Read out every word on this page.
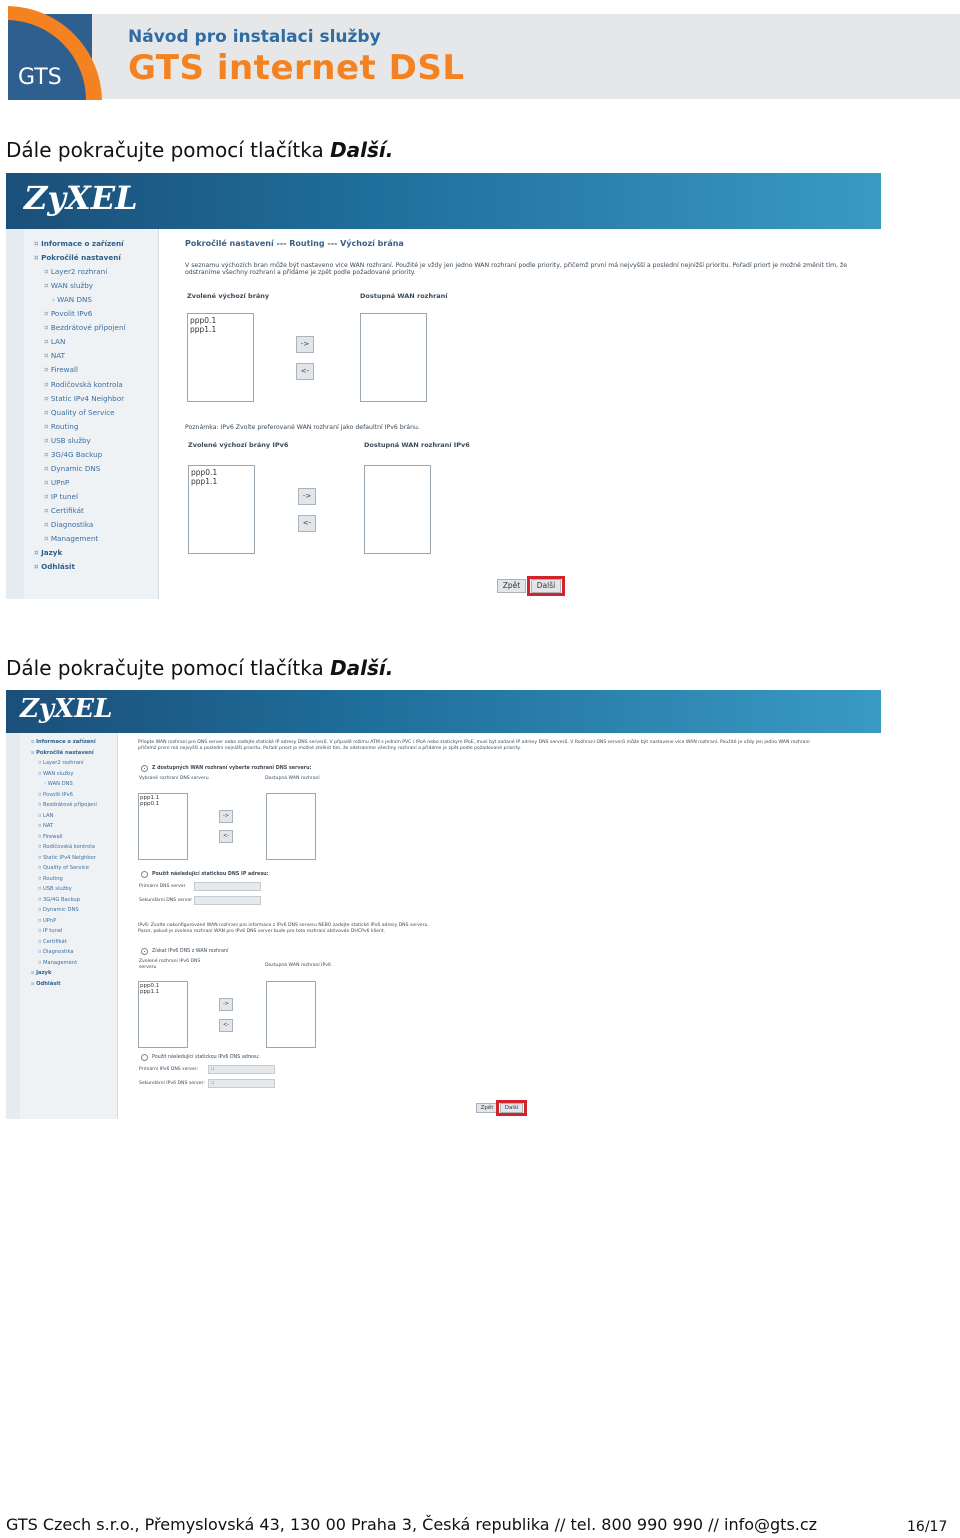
GTS
Návod pro instalaci služby
GTS internet DSL
Dále pokračujte pomocí tlačítka Další.
ZyXEL
¤ Informace o zařízení
¤ Pokročilé nastavení
¤ Layer2 rozhraní
¤ WAN služby
› WAN DNS
¤ Povolit IPv6
¤ Bezdrátové připojení
¤ LAN
¤ NAT
¤ Firewall
¤ Rodičovská kontrola
¤ Static IPv4 Neighbor
¤ Quality of Service
¤ Routing
¤ USB služby
¤ 3G/4G Backup
¤ Dynamic DNS
¤ UPnP
¤ IP tunel
¤ Certifikát
¤ Diagnostika
¤ Management
¤ Jazyk
¤ Odhlásit
Pokročilé nastavení --- Routing --- Výchozí brána
V seznamu výchozích bran může být nastaveno více WAN rozhraní. Použité je vždy jen jedno WAN rozhraní podle priority, přičemž první má nejvyšší a poslední nejnižší prioritu. Pořadí priort je možné změnit tím, že
odstraníme všechny rozhraní a přidáme je zpět podle požadované priority.
Zvolené výchozí brány	Dostupná WAN rozhraní
ppp0.1
ppp1.1
->
<-
Poznámka: IPv6 Zvolte preferované WAN rozhraní jako defaultní IPv6 bránu.
Zvolené výchozí brány IPv6	Dostupná WAN rozhraní IPv6
ppp0.1
ppp1.1
->
<-
Zpět	Další
Dále pokračujte pomocí tlačítka Další.
ZyXEL
¤ Informace o zařízení
¤ Pokročilé nastavení
¤ Layer2 rozhraní
¤ WAN služby
› WAN DNS
¤ Povolit IPv6
¤ Bezdrátové připojení
¤ LAN
¤ NAT
¤ Firewall
¤ Rodičovská kontrola
¤ Static IPv4 Neighbor
¤ Quality of Service
¤ Routing
¤ USB služby
¤ 3G/4G Backup
¤ Dynamic DNS
¤ UPnP
¤ IP tunel
¤ Certifikát
¤ Diagnostika
¤ Management
¤ Jazyk
¤ Odhlásit
Přiepte WAN rozhraní pro DNS server nebo zadejte statické IP adresy DNS serverů. V případě režimu ATM s jedním PVC / IPoA nebo statickým IPoE, musí být zadané IP adresy DNS serverů. V Rozhraní DNS serverů může být nastaveno více WAN rozhraní. Použité je vždy jen jedno WAN rozhraní
přičemž první má nejvyšší a poslední nejnižší prioritu. Pořadí priort je možné změnit tím, že odstraníme všechny rozhraní a přidáme je zpět podle požadované priority.
Z dostupných WAN rozhraní vyberte rozhraní DNS serveru:
Vybrané rozhraní DNS serveru	Dostupná WAN rozhraní
ppp1.1
ppp0.1
->
<-
Použít následující statickou DNS IP adresu:
Primární DNS server
Sekundární DNS server
IPv6: Zvolte nakonfigurované WAN rozhraní pro informace z IPv6 DNS serveru NEBO zadejte statické IPv6 adresy DNS serveru.
Pozor, pokud je zvoleno rozhraní WAN pro IPv6 DNS server bude pro toto rozhraní aktivován DHCPv6 klient.
Získat IPv6 DNS z WAN rozhraní
Zvolené rozhraní IPv6 DNS
serveru	Dostupná WAN rozhraní IPv6
ppp0.1
ppp1.1
->
<-
Použít následující statickou IPv6 DNS adresu:
Primární IPv6 DNS server:	::
Sekundární IPv6 DNS server:	::
Zpět	Další
GTS Czech s.r.o., Přemyslovská 43, 130 00 Praha 3, Česká republika // tel. 800 990 990 // info@gts.cz	16/17
